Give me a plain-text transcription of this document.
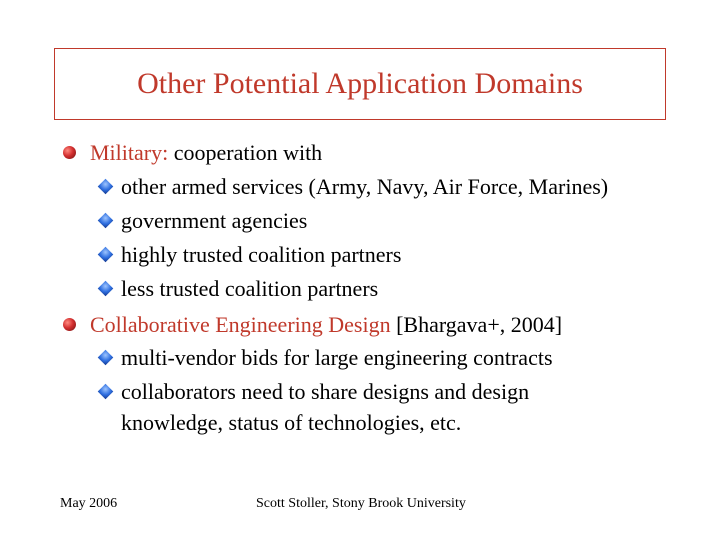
Other Potential Application Domains
Military: cooperation with
other armed services (Army, Navy, Air Force, Marines)
government agencies
highly trusted coalition partners
less trusted coalition partners
Collaborative Engineering Design [Bhargava+, 2004]
multi-vendor bids for large engineering contracts
collaborators need to share designs and design
knowledge, status of technologies, etc.
May 2006	Scott Stoller, Stony Brook University
